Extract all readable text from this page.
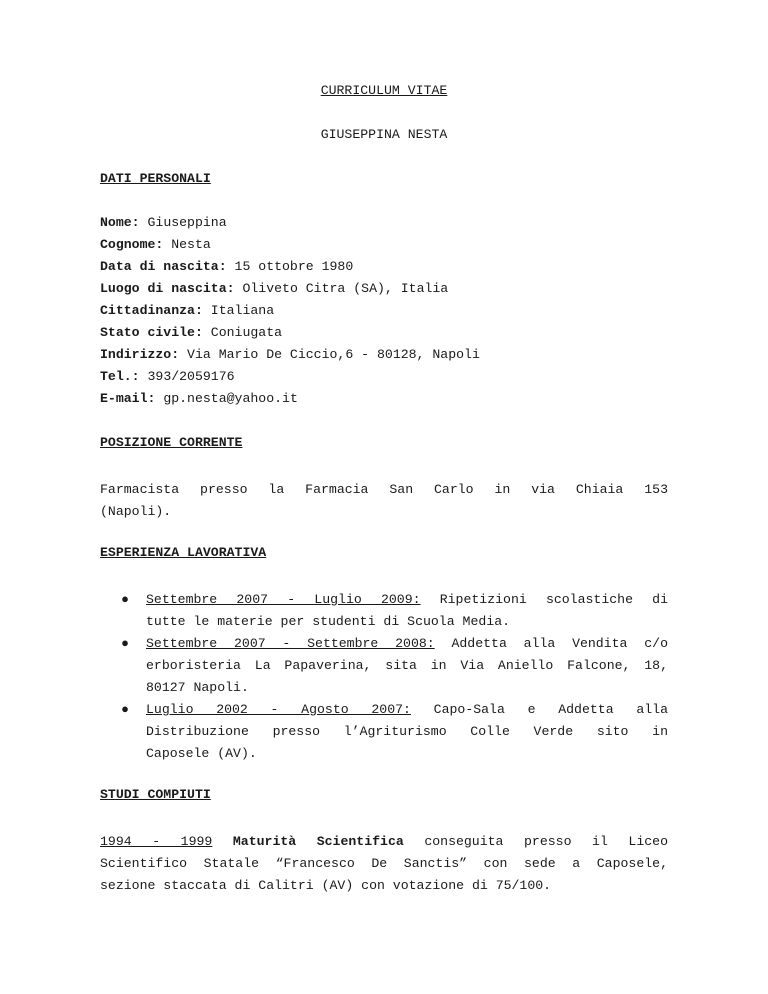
CURRICULUM VITAE
GIUSEPPINA NESTA
DATI PERSONALI
Nome: Giuseppina
Cognome: Nesta
Data di nascita: 15 ottobre 1980
Luogo di nascita: Oliveto Citra (SA), Italia
Cittadinanza: Italiana
Stato civile: Coniugata
Indirizzo: Via Mario De Ciccio,6 - 80128, Napoli
Tel.: 393/2059176
E-mail: gp.nesta@yahoo.it
POSIZIONE CORRENTE
Farmacista presso la Farmacia San Carlo in via Chiaia 153
(Napoli).
ESPERIENZA LAVORATIVA
● Settembre 2007 - Luglio 2009: Ripetizioni scolastiche di
tutte le materie per studenti di Scuola Media.
● Settembre 2007 - Settembre 2008: Addetta alla Vendita c/o
erboristeria La Papaverina, sita in Via Aniello Falcone, 18,
80127 Napoli.
● Luglio 2002 - Agosto 2007: Capo-Sala e Addetta alla
Distribuzione presso l’Agriturismo Colle Verde sito in
Caposele (AV).
STUDI COMPIUTI
1994 - 1999 Maturità Scientifica conseguita presso il Liceo
Scientifico Statale “Francesco De Sanctis” con sede a Caposele,
sezione staccata di Calitri (AV) con votazione di 75/100.
